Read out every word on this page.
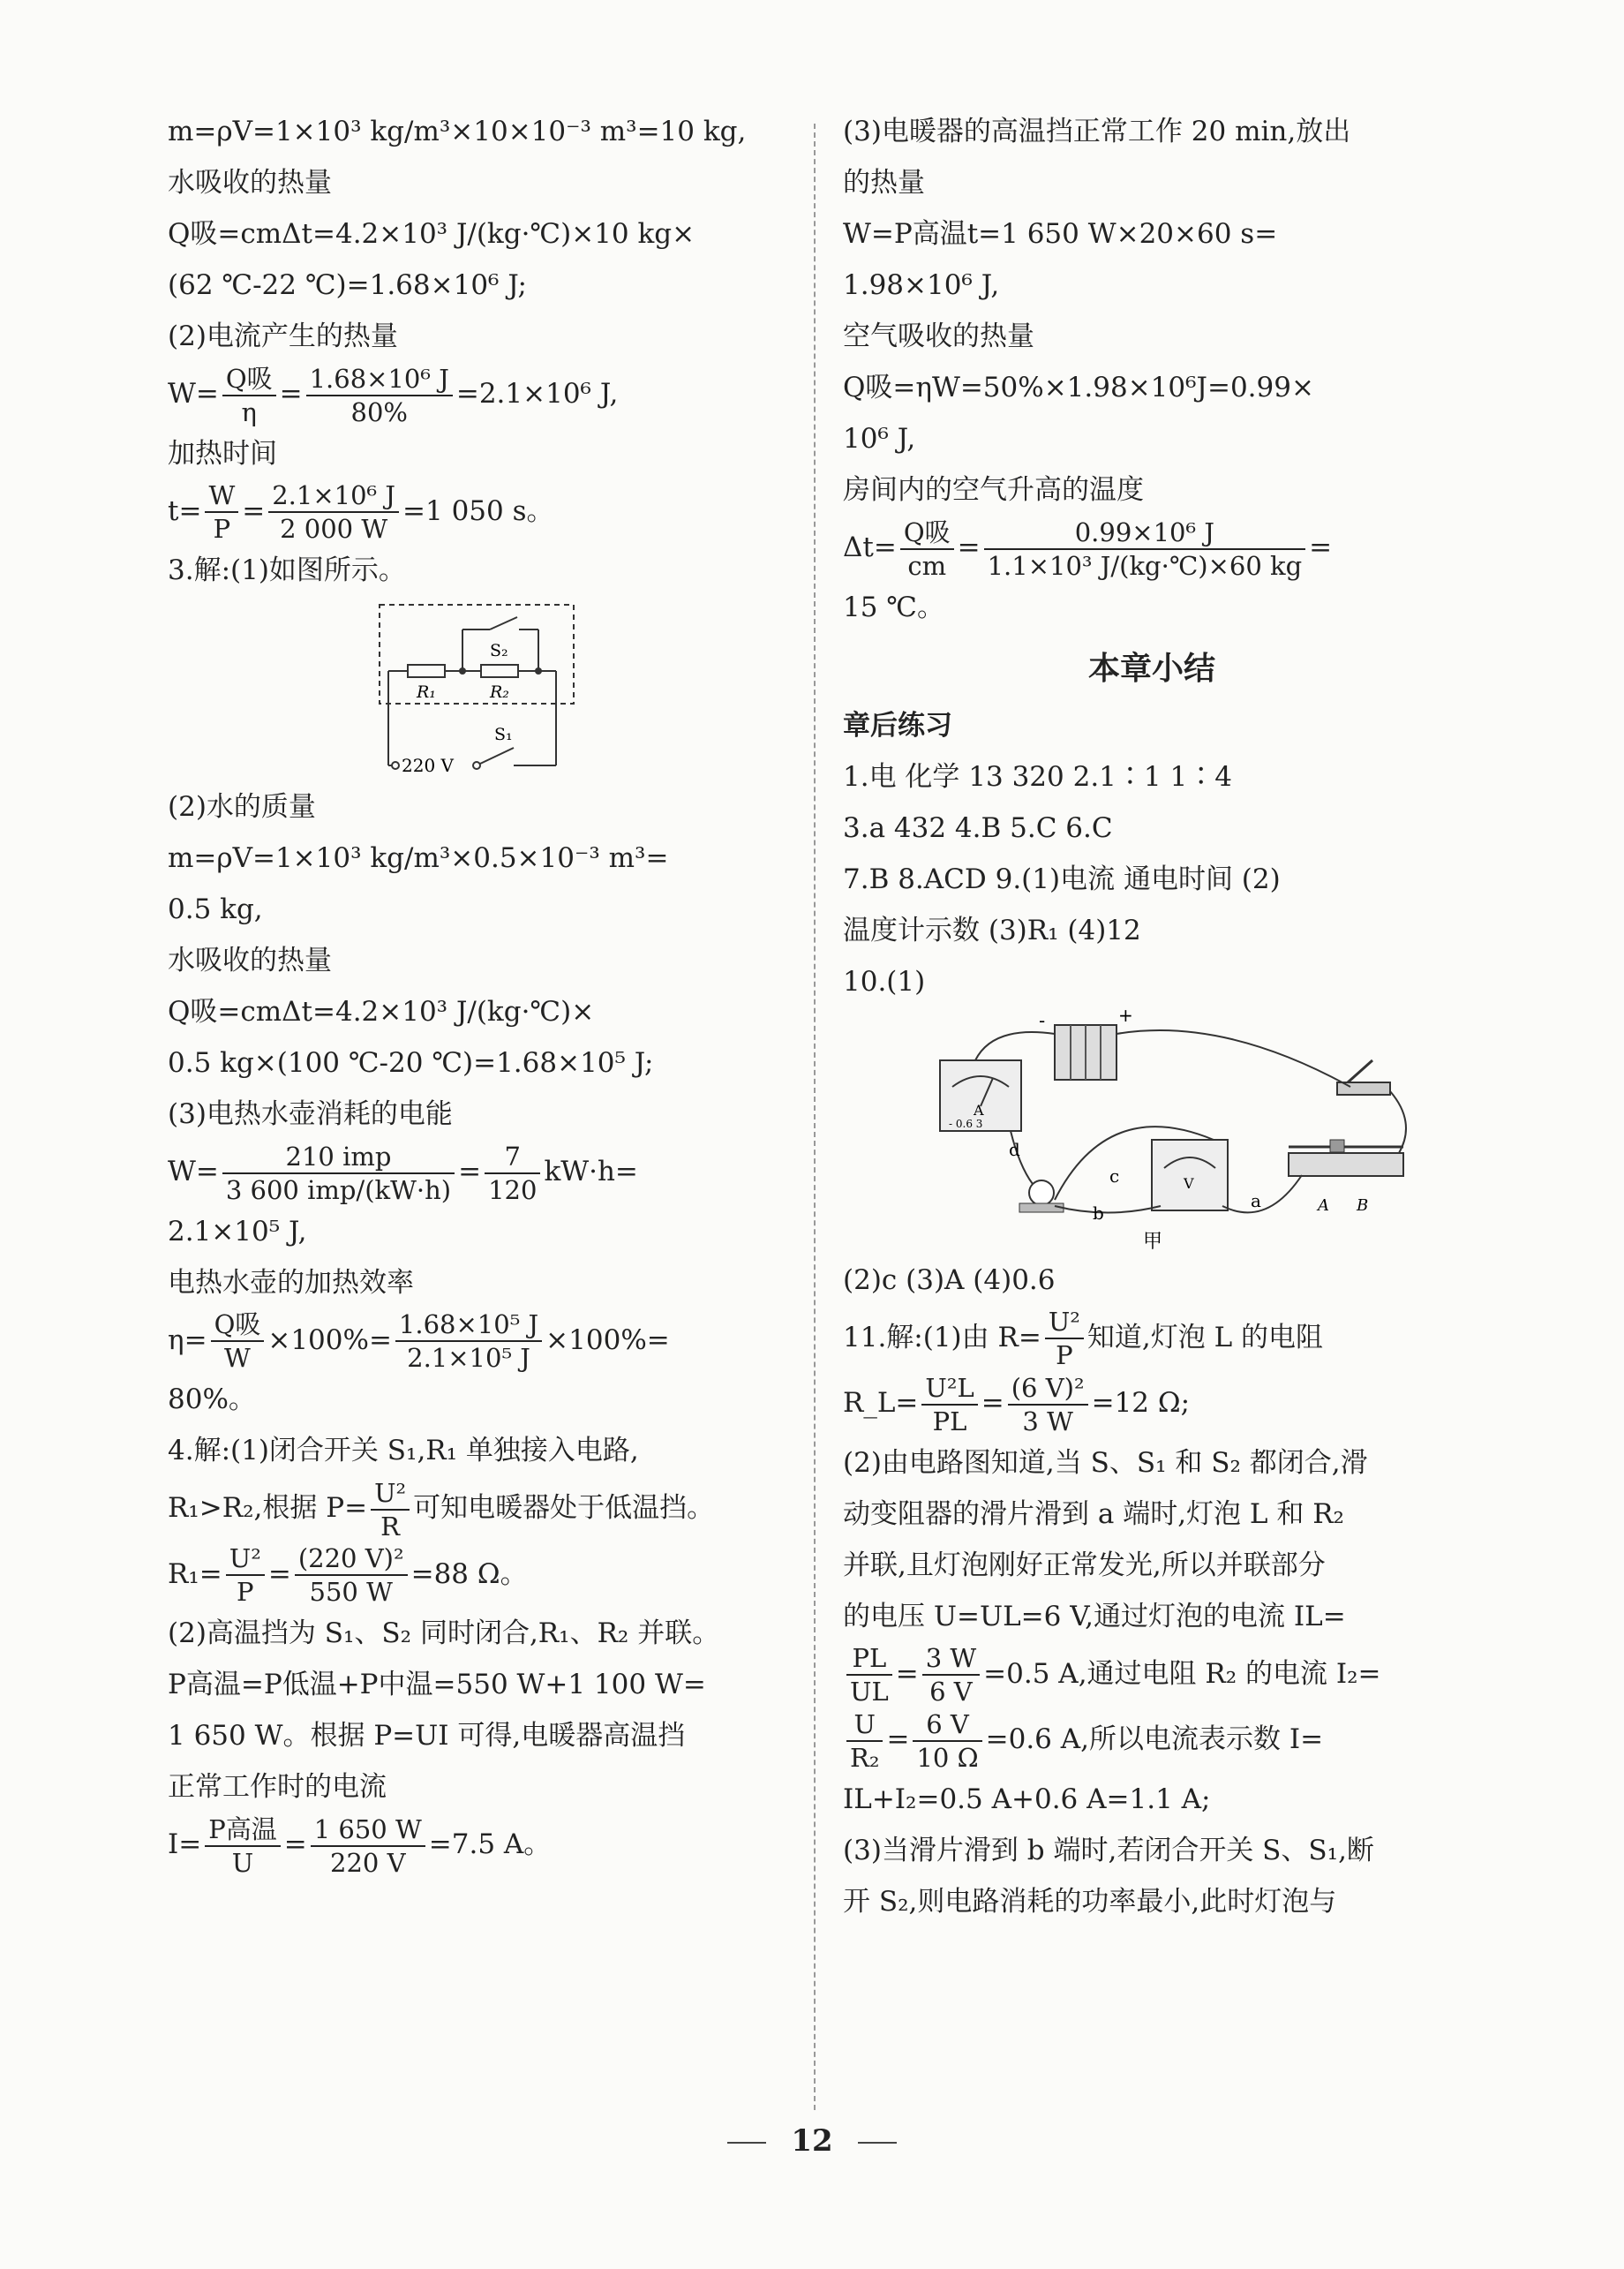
m=ρV=1×10³ kg/m³×10×10⁻³ m³=10 kg,
水吸收的热量
Q吸=cmΔt=4.2×10³ J/(kg·℃)×10 kg×
(62 ℃-22 ℃)=1.68×10⁶ J;
(2)电流产生的热量
$W= \frac{\text{Q吸}}{\eta} = \frac{\text{1.68×10⁶ J}}{80\%} =2.1\times 10^6$ J,
加热时间
$t= \frac{W}{P} = \frac{\text{2.1×10⁶ J}}{2 000 W} =1$ 050 s。
3.解:(1)如图所示。
S₂
R₁	R₂
220 V
S₁
(2)水的质量
m=ρV=1×10³ kg/m³×0.5×10⁻³ m³=
0.5 kg,
水吸收的热量
Q吸=cmΔt=4.2×10³ J/(kg·℃)×
0.5 kg×(100 ℃-20 ℃)=1.68×10⁵ J;
(3)电热水壶消耗的电能
$W= \frac{\text{210 imp}}{\text{3 600 imp/(kW·h)}} = \frac{7}{120} kW\cdot h=$
2.1×10⁵ J,
电热水壶的加热效率
$\eta= \frac{\text{Q吸}}{W} \times 100\%= \frac{\text{1.68×10⁵ J}}{\text{2.1×10⁵ J}} \times 100\%=$
80%。
4.解:(1)闭合开关 S₁,R₁ 单独接入电路,
R₁>R₂,根据 $P= \frac{\text{U²}}{R}$ 可知电暖器处于低温挡。
$R_1= \frac{\text{U²}}{P} = \frac{\text{(220 V)²}}{550 W} =88$ Ω。
(2)高温挡为 S₁、S₂ 同时闭合,R₁、R₂ 并联。
P高温=P低温+P中温=550 W+1 100 W=
1 650 W。根据 P=UI 可得,电暖器高温挡
正常工作时的电流
$I= \frac{\text{P高温}}{U} = \frac{1 650 W}{220 V} =7.5$ A。
(3)电暖器的高温挡正常工作 20 min,放出
的热量
W=P高温t=1 650 W×20×60 s=
1.98×10⁶ J,
空气吸收的热量
Q吸=ηW=50%×1.98×10⁶J=0.99×
10⁶ J,
房间内的空气升高的温度
$\Delta t= \frac{\text{Q吸}}{cm} = \frac{\text{0.99×10⁶ J}}{\text{1.1×10³ J/(kg·℃)×60 kg}}$ =
15 ℃。
本章小结
章后练习
1.电 化学 13 320 2.1∶1 1∶4
3.a 432 4.B 5.C 6.C
7.B 8.ACD 9.(1)电流 通电时间 (2)
温度计示数 (3)R₁ (4)12
10.(1)
-	+
A
- 0.6 3
A B
V
d
c
b
a
甲
(2)c (3)A (4)0.6
11.解:(1)由 $R= \frac{\text{U²}}{P}$ 知道,灯泡 L 的电阻
R_L= $\frac{\text{U²L}}{PL} = \frac{\text{(6 V)²}}{3 W} =12$ Ω;
(2)由电路图知道,当 S、S₁ 和 S₂ 都闭合,滑
动变阻器的滑片滑到 a 端时,灯泡 L 和 R₂
并联,且灯泡刚好正常发光,所以并联部分
的电压 U=UL=6 V,通过灯泡的电流 IL=
$\frac{PL}{UL} = \frac{3 W}{6 V} =0.5$ A,通过电阻 R₂ 的电流 I₂=
$\frac{U}{\text{R₂}} = \frac{6 V}{10 \Omega} =0.6$ A,所以电流表示数 I=
IL+I₂=0.5 A+0.6 A=1.1 A;
(3)当滑片滑到 b 端时,若闭合开关 S、S₁,断
开 S₂,则电路消耗的功率最小,此时灯泡与
12
